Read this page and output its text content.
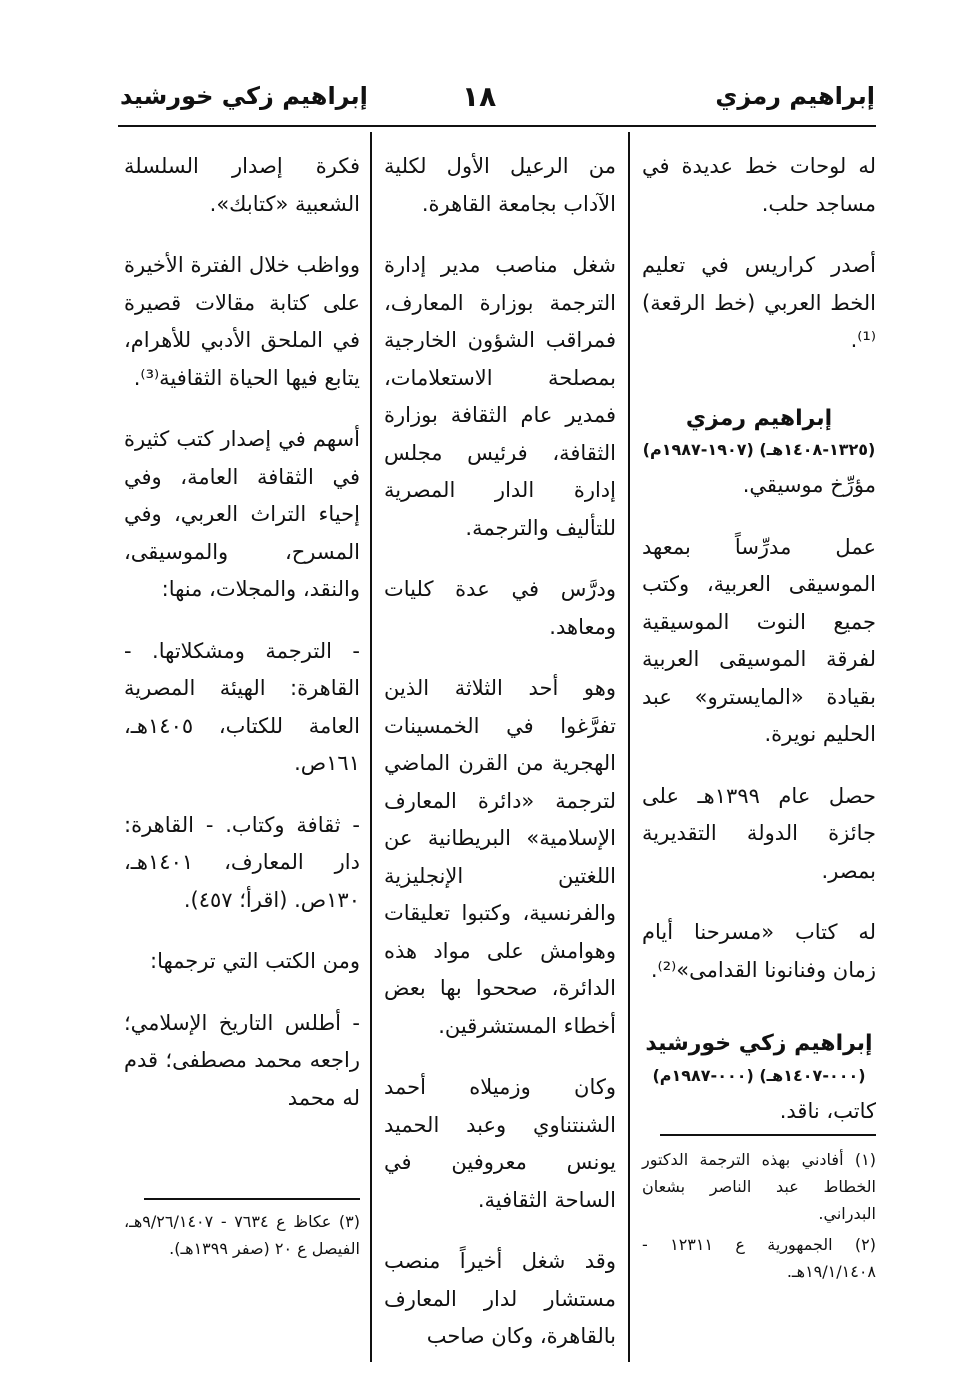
إبراهيم رمزي
١٨
إبراهيم زكي خورشيد

له لوحات خط عديدة في مساجد حلب.

أصدر كراريس في تعليم الخط العربي (خط الرقعة)⁽¹⁾.

إبراهيم رمزي

(١٣٢٥-١٤٠٨هـ) (١٩٠٧-١٩٨٧م)

مؤرِّخ موسيقي.

عمل مدرِّساً بمعهد الموسيقى العربية، وكتب جميع النوت الموسيقية لفرقة الموسيقى العربية بقيادة «المايسترو» عبد الحليم نويرة.

حصل عام ١٣٩٩هـ على جائزة الدولة التقديرية بمصر.

له كتاب «مسرحنا أيام زمان وفنانونا القدامى»⁽²⁾.

إبراهيم زكي خورشيد

(٠٠٠-١٤٠٧هـ) (٠٠٠-١٩٨٧م)

كاتب، ناقد.

(١) أفادني بهذه الترجمة الدكتور الخطاط عبد الناصر بشعان البدراني.

(٢) الجمهورية ع ١٢٣١١ - ١٩/١/١٤٠٨هـ.

من الرعيل الأول لكلية الآداب بجامعة القاهرة.

شغل مناصب مدير إدارة الترجمة بوزارة المعارف، فمراقب الشؤون الخارجية بمصلحة الاستعلامات، فمدير عام الثقافة بوزارة الثقافة، فرئيس مجلس إدارة الدار المصرية للتأليف والترجمة.

ودرَّس في عدة كليات ومعاهد.

وهو أحد الثلاثة الذين تفرَّغوا في الخمسينات الهجرية من القرن الماضي لترجمة «دائرة المعارف الإسلامية» البريطانية عن اللغتين الإنجليزية والفرنسية، وكتبوا تعليقات وهوامش على مواد هذه الدائرة، صححوا بها بعض أخطاء المستشرقين.

وكان وزميلاه أحمد الشنتناوي وعبد الحميد يونس معروفين في الساحة الثقافية.

وقد شغل أخيراً منصب مستشار لدار المعارف بالقاهرة، وكان صاحب

فكرة إصدار السلسلة الشعبية «كتابك».

وواظب خلال الفترة الأخيرة على كتابة مقالات قصيرة في الملحق الأدبي للأهرام، يتابع فيها الحياة الثقافية⁽³⁾.

أسهم في إصدار كتب كثيرة في الثقافة العامة، وفي إحياء التراث العربي، وفي المسرح، والموسيقى، والنقد، والمجلات، منها:

- الترجمة ومشكلاتها. - القاهرة: الهيئة المصرية العامة للكتاب، ١٤٠٥هـ، ١٦١ص.

- ثقافة وكتاب. - القاهرة: دار المعارف، ١٤٠١هـ، ١٣٠ص. (اقرأ؛ ٤٥٧).

ومن الكتب التي ترجمها:

- أطلس التاريخ الإسلامي؛ راجعه محمد مصطفى؛ قدم له محمد

(٣) عكاظ ع ٧٦٣٤ - ٩/٢٦/١٤٠٧هـ، الفيصل ع ٢٠ (صفر ١٣٩٩هـ).
